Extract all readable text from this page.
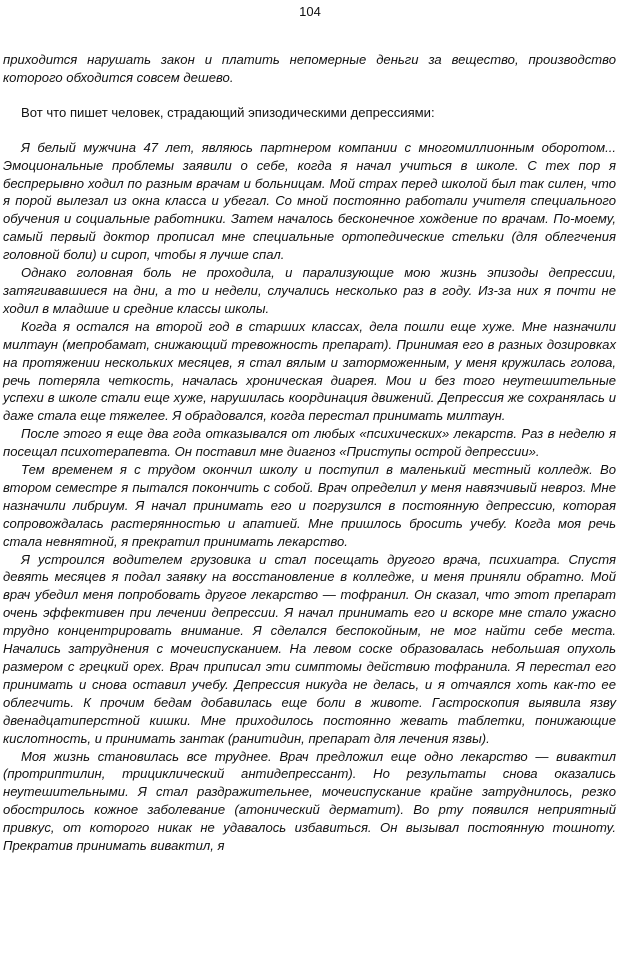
104

приходится нарушать закон и платить непомерные деньги за вещество, производство которого обходится совсем дешево.

Вот что пишет человек, страдающий эпизодическими депрессиями:

Я белый мужчина 47 лет, являюсь партнером компании с многомиллионным оборотом... Эмоциональные проблемы заявили о себе, когда я начал учиться в школе. С тех пор я беспрерывно ходил по разным врачам и больницам. Мой страх перед школой был так силен, что я порой вылезал из окна класса и убегал. Со мной постоянно работали учителя специального обучения и социальные работники. Затем началось бесконечное хождение по врачам. По-моему, самый первый доктор прописал мне специальные ортопедические стельки (для облегчения головной боли) и сироп, чтобы я лучше спал.

Однако головная боль не проходила, и парализующие мою жизнь эпизоды депрессии, затягивавшиеся на дни, а то и недели, случались несколько раз в году. Из-за них я почти не ходил в младшие и средние классы школы.

Когда я остался на второй год в старших классах, дела пошли еще хуже. Мне назначили милтаун (мепробамат, снижающий тревожность препарат). Принимая его в разных дозировках на протяжении нескольких месяцев, я стал вялым и заторможенным, у меня кружилась голова, речь потеряла четкость, началась хроническая диарея. Мои и без того неутешительные успехи в школе стали еще хуже, нарушилась координация движений. Депрессия же сохранялась и даже стала еще тяжелее. Я обрадовался, когда перестал принимать милтаун.

После этого я еще два года отказывался от любых «психических» лекарств. Раз в неделю я посещал психотерапевта. Он поставил мне диагноз «Приступы острой депрессии».

Тем временем я с трудом окончил школу и поступил в маленький местный колледж. Во втором семестре я пытался покончить с собой. Врач определил у меня навязчивый невроз. Мне назначили либриум. Я начал принимать его и погрузился в постоянную депрессию, которая сопровождалась растерянностью и апатией. Мне пришлось бросить учебу. Когда моя речь стала невнятной, я прекратил принимать лекарство.

Я устроился водителем грузовика и стал посещать другого врача, психиатра. Спустя девять месяцев я подал заявку на восстановление в колледже, и меня приняли обратно. Мой врач убедил меня попробовать другое лекарство — тофранил. Он сказал, что этот препарат очень эффективен при лечении депрессии. Я начал принимать его и вскоре мне стало ужасно трудно концентрировать внимание. Я сделался беспокойным, не мог найти себе места. Начались затруднения с мочеиспусканием. На левом соске образовалась небольшая опухоль размером с грецкий орех. Врач приписал эти симптомы действию тофранила. Я перестал его принимать и снова оставил учебу. Депрессия никуда не делась, и я отчаялся хоть как-то ее облегчить. К прочим бедам добавилась еще боли в животе. Гастроскопия выявила язву двенадцатиперстной кишки. Мне приходилось постоянно жевать таблетки, понижающие кислотность, и принимать зантак (ранитидин, препарат для лечения язвы).

Моя жизнь становилась все труднее. Врач предложил еще одно лекарство — вивактил (протриптилин, трициклический антидепрессант). Но результаты снова оказались неутешительными. Я стал раздражительнее, мочеиспускание крайне затруднилось, резко обострилось кожное заболевание (атонический дерматит). Во рту появился неприятный привкус, от которого никак не удавалось избавиться. Он вызывал постоянную тошноту. Прекратив принимать вивактил, я
